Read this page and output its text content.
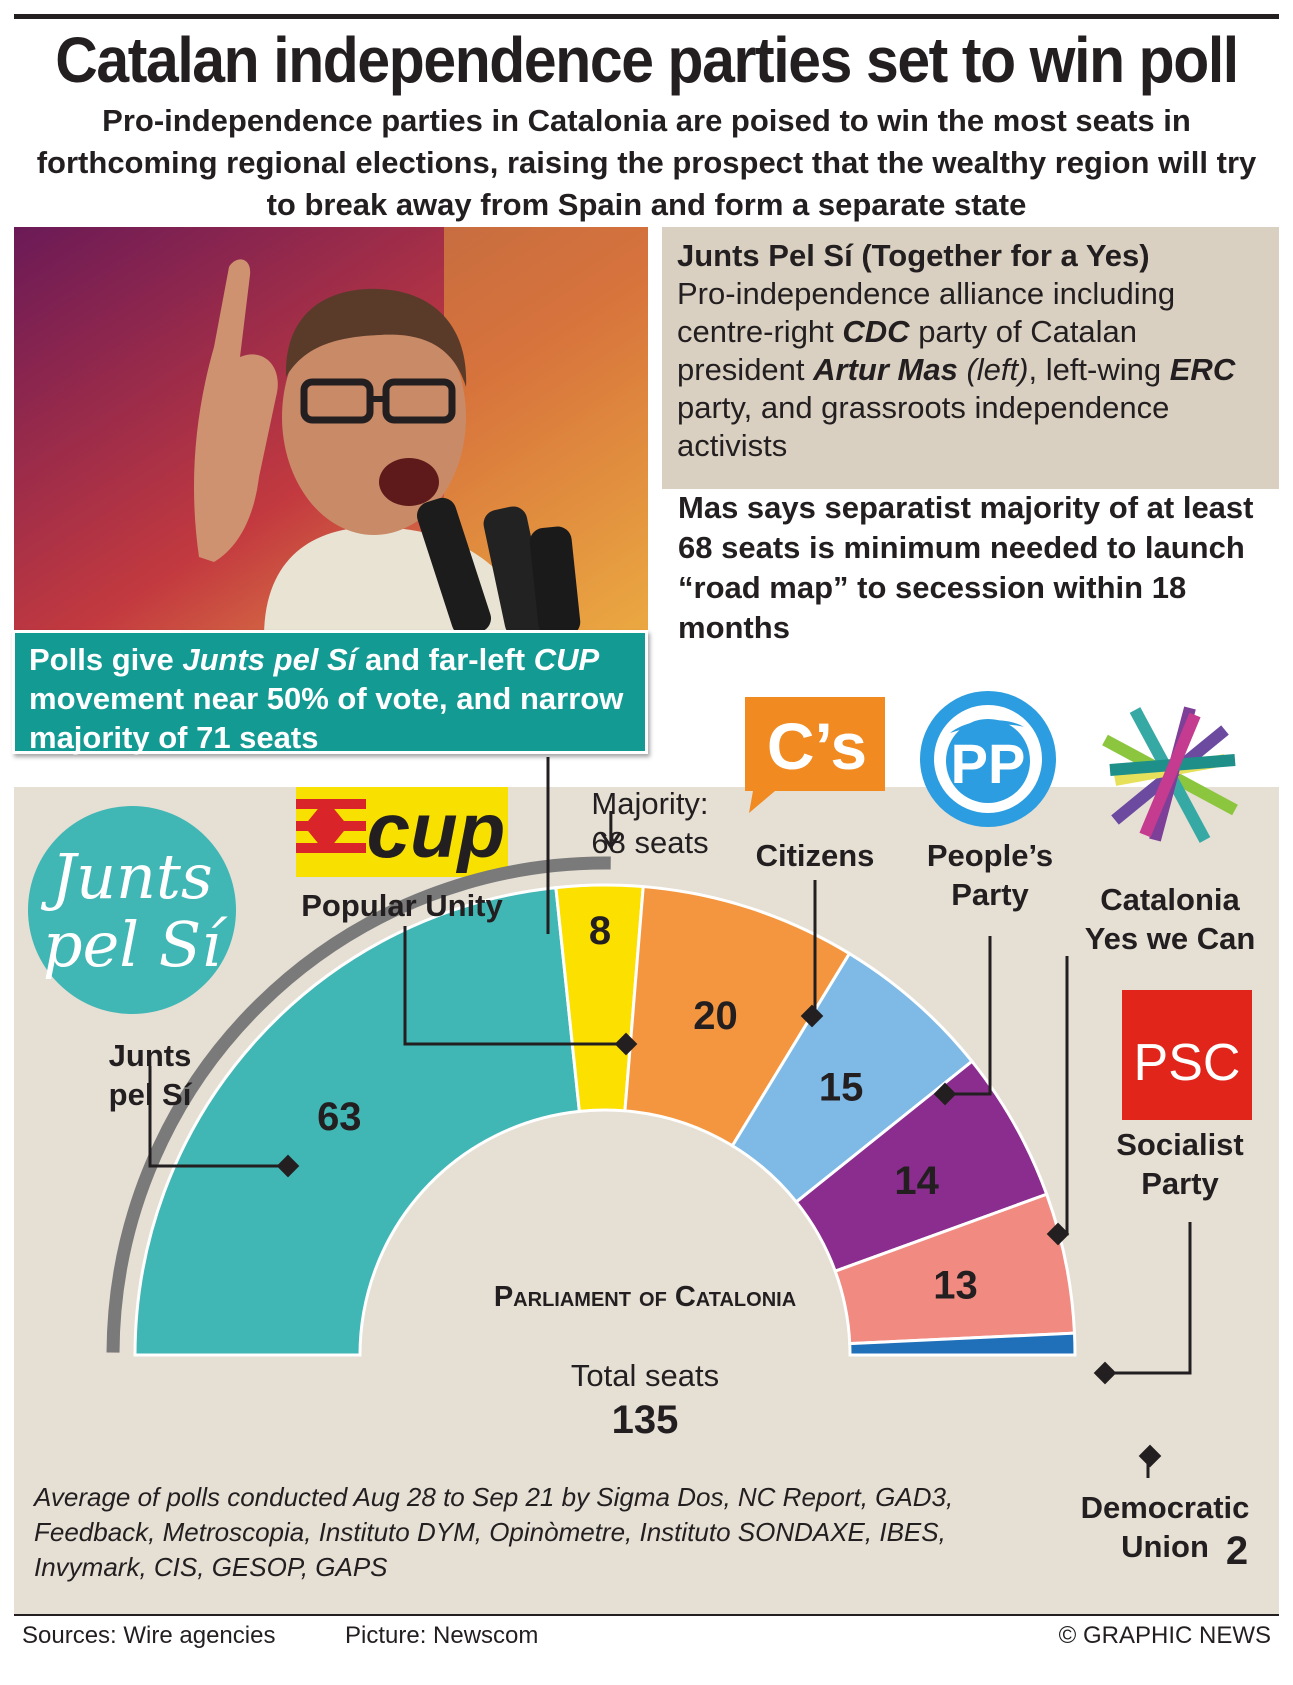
Catalan independence parties set to win poll
Pro-independence parties in Catalonia are poised to win the most seats in forthcoming regional elections, raising the prospect that the wealthy region will try to break away from Spain and form a separate state
Junts Pel Sí (Together for a Yes)
Pro-independence alliance including centre-right CDC party of Catalan president Artur Mas (left), left-wing ERC party, and grassroots independence activists
Mas says separatist majority of at least 68 seats is minimum needed to launch “road map” to secession within 18 months
Junts
pel Sí
cup
C’s PP
PSC
63
8
20
15
14
13
Popular Unity
Citizens	People’s
Party	Catalonia
Yes we Can
Socialist
Party
Junts
pel Sí
Democratic
Union 2
Majority:
68 seats
Parliament of Catalonia
Total seats
135
Polls give Junts pel Sí and far-left CUP movement near 50% of vote, and narrow majority of 71 seats
Average of polls conducted Aug 28 to Sep 21 by Sigma Dos, NC Report, GAD3, Feedback, Metroscopia, Instituto DYM, Opinòmetre, Instituto SONDAXE, IBES, Invymark, CIS, GESOP, GAPS
Sources: Wire agencies	Picture: Newscom	© GRAPHIC NEWS
